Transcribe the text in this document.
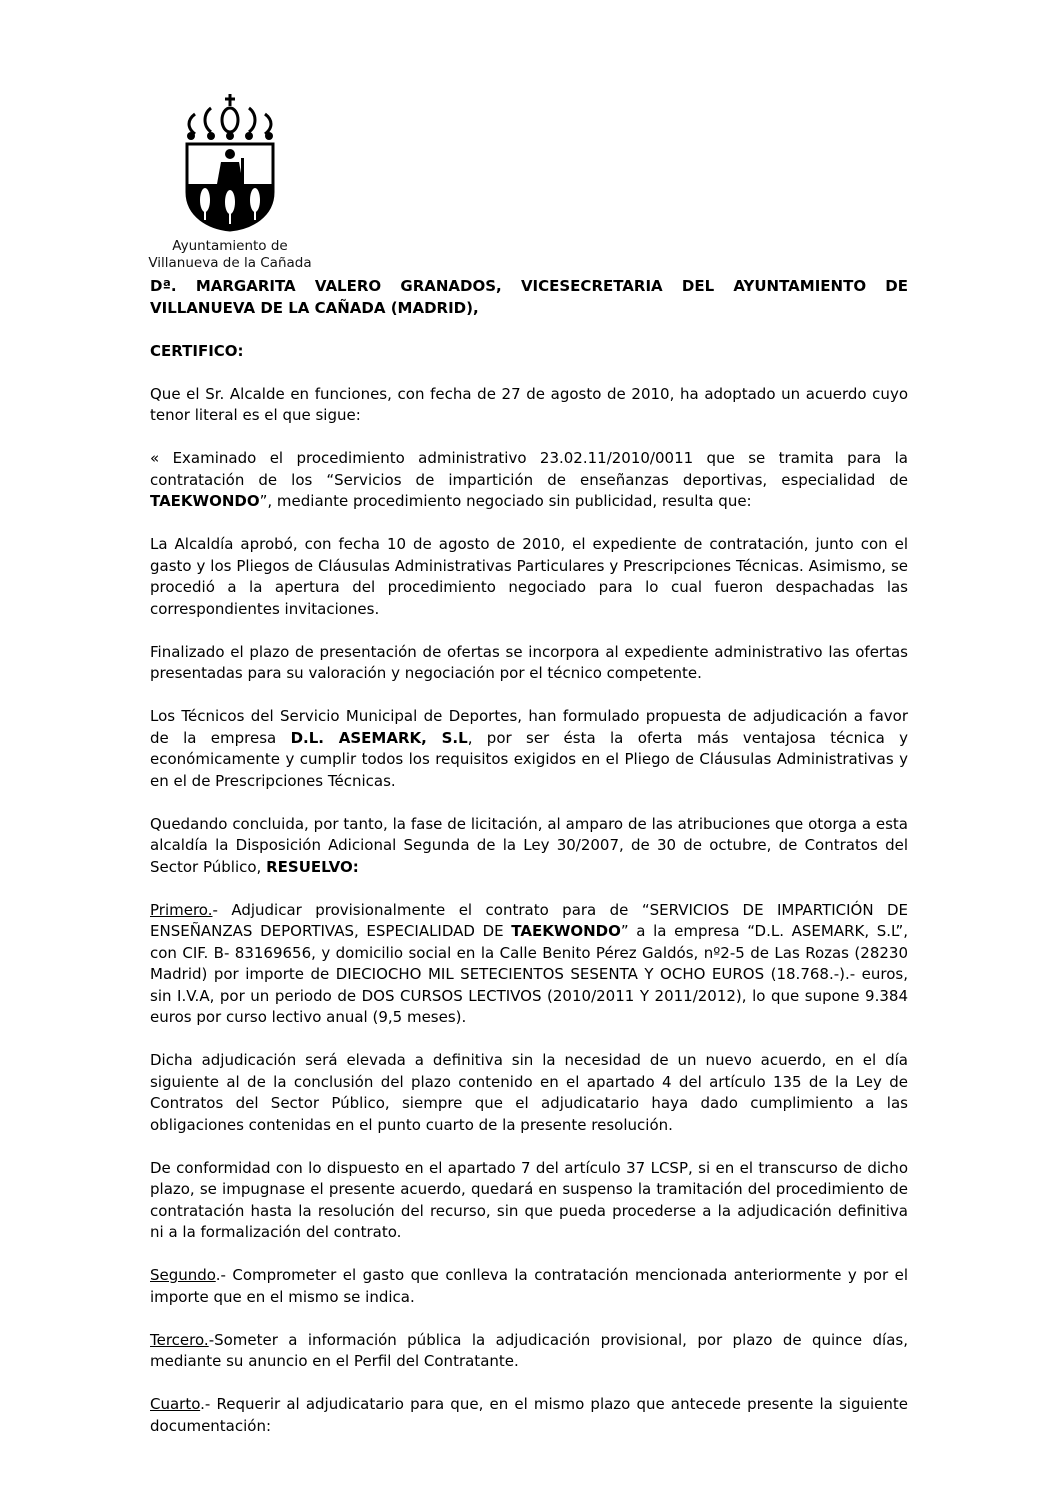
Ayuntamiento de
Villanueva de la Cañada

Dª. MARGARITA VALERO GRANADOS, VICESECRETARIA DEL AYUNTAMIENTO DE VILLANUEVA DE LA CAÑADA (MADRID),

CERTIFICO:

Que el Sr. Alcalde en funciones, con fecha de 27 de agosto de 2010, ha adoptado un acuerdo cuyo tenor literal es el que sigue:

« Examinado el procedimiento administrativo 23.02.11/2010/0011 que se tramita para la contratación de los “Servicios de impartición de enseñanzas deportivas, especialidad de TAEKWONDO”, mediante procedimiento negociado sin publicidad, resulta que:

La Alcaldía aprobó, con fecha 10 de agosto de 2010, el expediente de contratación, junto con el gasto y los Pliegos de Cláusulas Administrativas Particulares y Prescripciones Técnicas. Asimismo, se procedió a la apertura del procedimiento negociado para lo cual fueron despachadas las correspondientes invitaciones.

Finalizado el plazo de presentación de ofertas se incorpora al expediente administrativo las ofertas presentadas para su valoración y negociación por el técnico competente.

Los Técnicos del Servicio Municipal de Deportes, han formulado propuesta de adjudicación a favor de la empresa D.L. ASEMARK, S.L, por ser ésta la oferta más ventajosa técnica y económicamente y cumplir todos los requisitos exigidos en el Pliego de Cláusulas Administrativas y en el de Prescripciones Técnicas.

Quedando concluida, por tanto, la fase de licitación, al amparo de las atribuciones que otorga a esta alcaldía la Disposición Adicional Segunda de la Ley 30/2007, de 30 de octubre, de Contratos del Sector Público, RESUELVO:

Primero.- Adjudicar provisionalmente el contrato para de “SERVICIOS DE IMPARTICIÓN DE ENSEÑANZAS DEPORTIVAS, ESPECIALIDAD DE TAEKWONDO” a la empresa “D.L. ASEMARK, S.L”, con CIF. B- 83169656, y domicilio social en la Calle Benito Pérez Galdós, nº2-5 de Las Rozas (28230 Madrid) por importe de DIECIOCHO MIL SETECIENTOS SESENTA Y OCHO EUROS (18.768.-).- euros, sin I.V.A, por un periodo de DOS CURSOS LECTIVOS (2010/2011 Y 2011/2012), lo que supone 9.384 euros por curso lectivo anual (9,5 meses).

Dicha adjudicación será elevada a definitiva sin la necesidad de un nuevo acuerdo, en el día siguiente al de la conclusión del plazo contenido en el apartado 4 del artículo 135 de la Ley de Contratos del Sector Público, siempre que el adjudicatario haya dado cumplimiento a las obligaciones contenidas en el punto cuarto de la presente resolución.

De conformidad con lo dispuesto en el apartado 7 del artículo 37 LCSP, si en el transcurso de dicho plazo, se impugnase el presente acuerdo, quedará en suspenso la tramitación del procedimiento de contratación hasta la resolución del recurso, sin que pueda procederse a la adjudicación definitiva ni a la formalización del contrato.

Segundo.- Comprometer el gasto que conlleva la contratación mencionada anteriormente y por el importe que en el mismo se indica.

Tercero.-Someter a información pública la adjudicación provisional, por plazo de quince días, mediante su anuncio en el Perfil del Contratante.

Cuarto.- Requerir al adjudicatario para que, en el mismo plazo que antecede presente la siguiente documentación:
